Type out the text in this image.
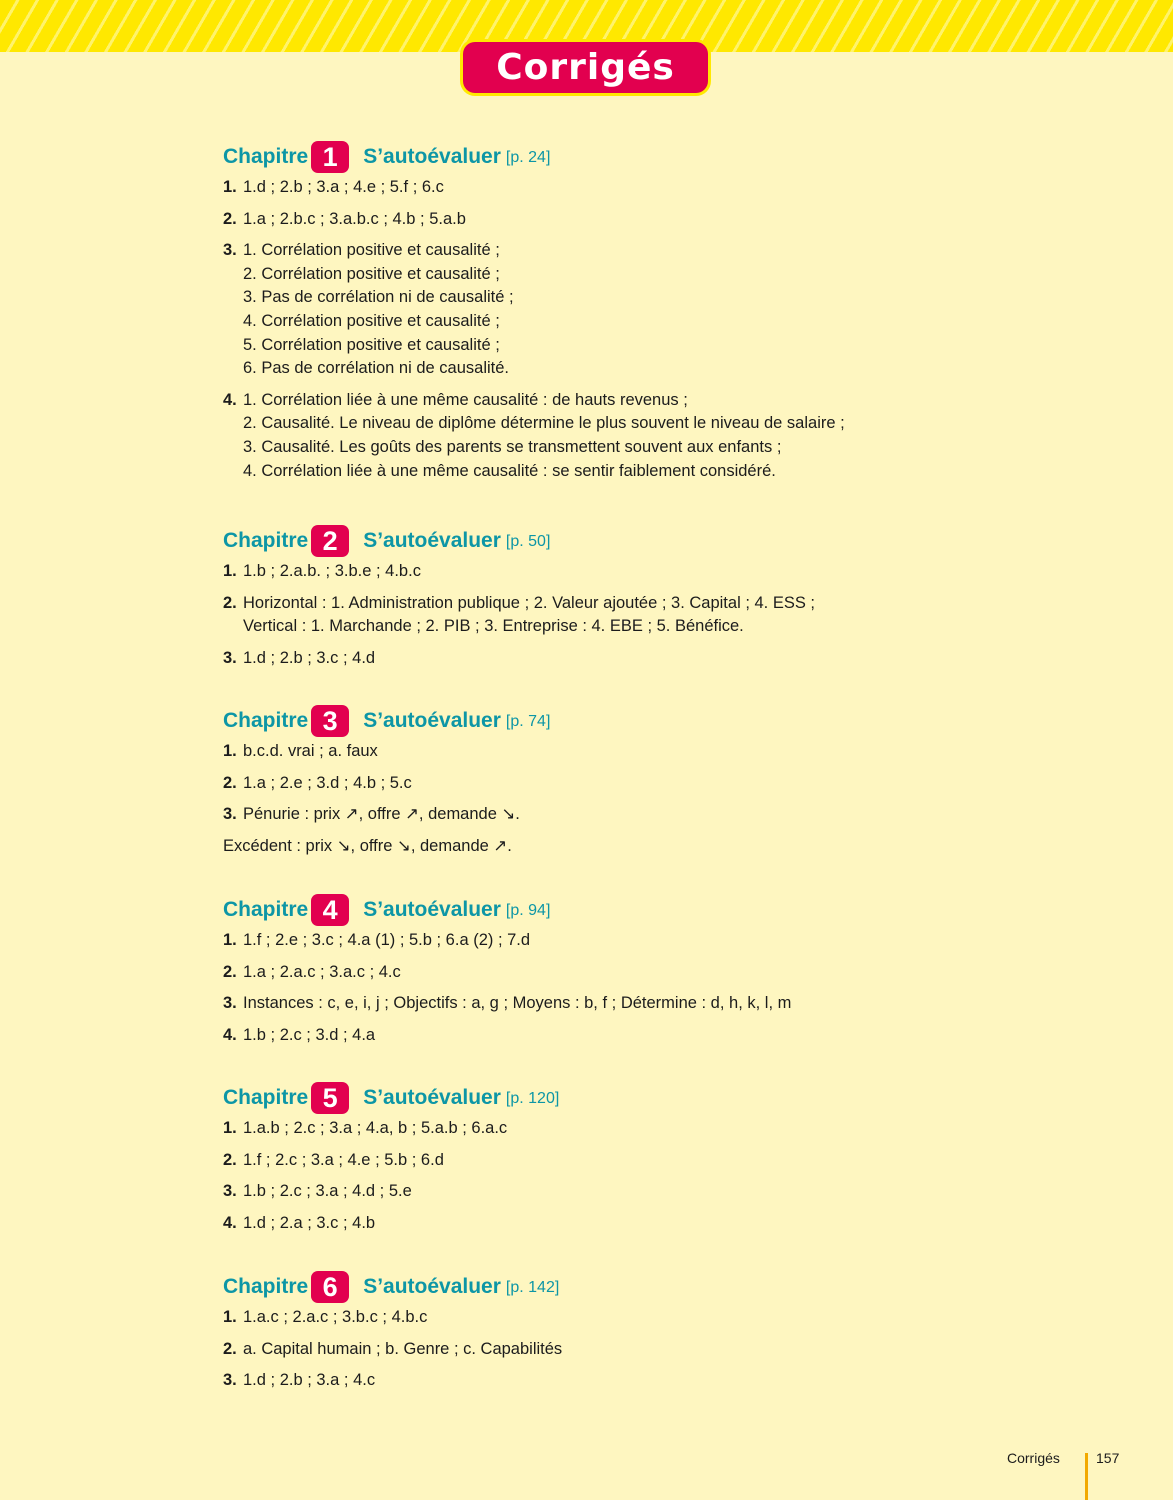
Corrigés
Chapitre 1	S’autoévaluer [p. 24]
1. 1.d ; 2.b ; 3.a ; 4.e ; 5.f ; 6.c
2. 1.a ; 2.b.c ; 3.a.b.c ; 4.b ; 5.a.b
3. 1. Corrélation positive et causalité ;
2. Corrélation positive et causalité ;
3. Pas de corrélation ni de causalité ;
4. Corrélation positive et causalité ;
5. Corrélation positive et causalité ;
6. Pas de corrélation ni de causalité.
4. 1. Corrélation liée à une même causalité : de hauts revenus ;
2. Causalité. Le niveau de diplôme détermine le plus souvent le niveau de salaire ;
3. Causalité. Les goûts des parents se transmettent souvent aux enfants ;
4. Corrélation liée à une même causalité : se sentir faiblement considéré.
Chapitre 2	S’autoévaluer [p. 50]
1. 1.b ; 2.a.b. ; 3.b.e ; 4.b.c
2. Horizontal : 1. Administration publique ; 2. Valeur ajoutée ; 3. Capital ; 4. ESS ;
Vertical : 1. Marchande ; 2. PIB ; 3. Entreprise : 4. EBE ; 5. Bénéfice.
3. 1.d ; 2.b ; 3.c ; 4.d
Chapitre 3	S’autoévaluer [p. 74]
1. b.c.d. vrai ; a. faux
2. 1.a ; 2.e ; 3.d ; 4.b ; 5.c
3. Pénurie : prix ↗, offre ↗, demande ↘.
Excédent : prix ↘, offre ↘, demande ↗.
Chapitre 4	S’autoévaluer [p. 94]
1. 1.f ; 2.e ; 3.c ; 4.a (1) ; 5.b ; 6.a (2) ; 7.d
2. 1.a ; 2.a.c ; 3.a.c ; 4.c
3. Instances : c, e, i, j ; Objectifs : a, g ; Moyens : b, f ; Détermine : d, h, k, l, m
4. 1.b ; 2.c ; 3.d ; 4.a
Chapitre 5	S’autoévaluer [p. 120]
1. 1.a.b ; 2.c ; 3.a ; 4.a, b ; 5.a.b ; 6.a.c
2. 1.f ; 2.c ; 3.a ; 4.e ; 5.b ; 6.d
3. 1.b ; 2.c ; 3.a ; 4.d ; 5.e
4. 1.d ; 2.a ; 3.c ; 4.b
Chapitre 6	S’autoévaluer [p. 142]
1. 1.a.c ; 2.a.c ; 3.b.c ; 4.b.c
2. a. Capital humain ; b. Genre ; c. Capabilités
3. 1.d ; 2.b ; 3.a ; 4.c
Corrigés	157
